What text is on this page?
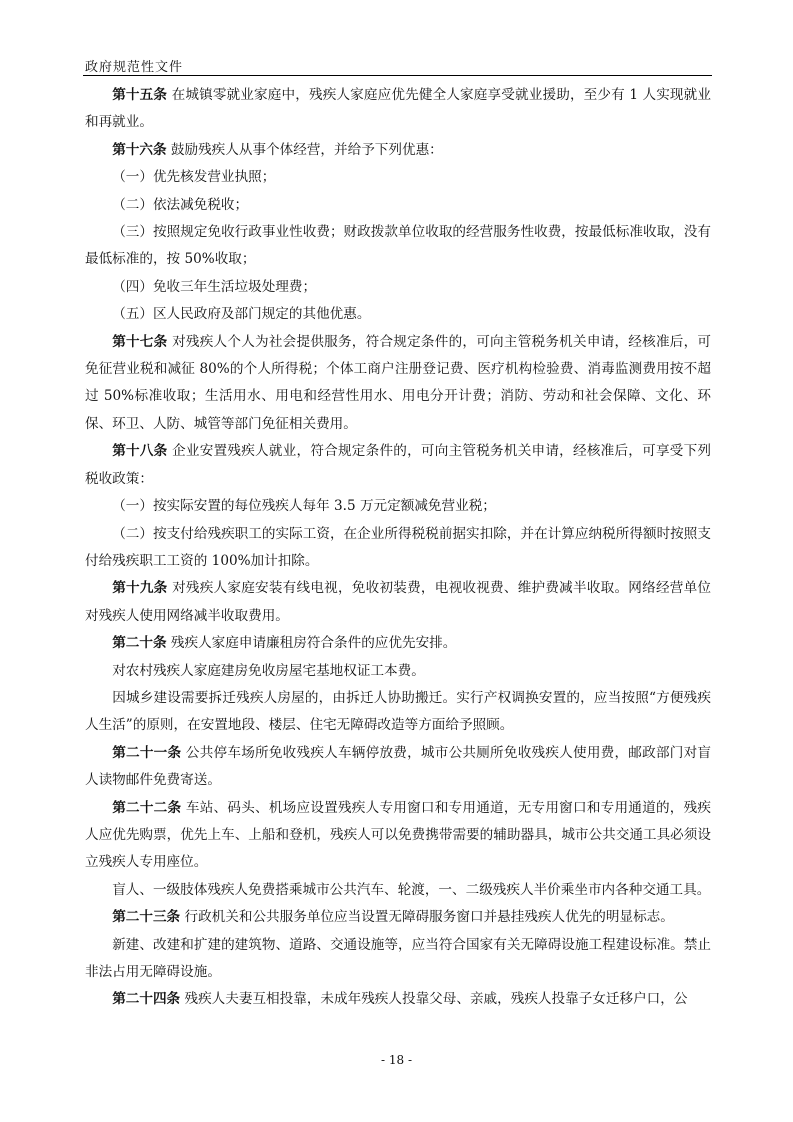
政府规范性文件

第十五条 在城镇零就业家庭中，残疾人家庭应优先健全人家庭享受就业援助，至少有 1 人实现就业和再就业。

第十六条 鼓励残疾人从事个体经营，并给予下列优惠：

（一）优先核发营业执照；

（二）依法减免税收；

（三）按照规定免收行政事业性收费；财政拨款单位收取的经营服务性收费，按最低标准收取，没有最低标准的，按 50%收取；

（四）免收三年生活垃圾处理费；

（五）区人民政府及部门规定的其他优惠。

第十七条 对残疾人个人为社会提供服务，符合规定条件的，可向主管税务机关申请，经核准后，可免征营业税和减征 80%的个人所得税；个体工商户注册登记费、医疗机构检验费、消毒监测费用按不超过 50%标准收取；生活用水、用电和经营性用水、用电分开计费；消防、劳动和社会保障、文化、环保、环卫、人防、城管等部门免征相关费用。

第十八条 企业安置残疾人就业，符合规定条件的，可向主管税务机关申请，经核准后，可享受下列税收政策：

（一）按实际安置的每位残疾人每年 3.5 万元定额减免营业税；

（二）按支付给残疾职工的实际工资，在企业所得税税前据实扣除，并在计算应纳税所得额时按照支付给残疾职工工资的 100%加计扣除。

第十九条 对残疾人家庭安装有线电视，免收初装费，电视收视费、维护费减半收取。网络经营单位对残疾人使用网络减半收取费用。

第二十条 残疾人家庭申请廉租房符合条件的应优先安排。

对农村残疾人家庭建房免收房屋宅基地权证工本费。

因城乡建设需要拆迁残疾人房屋的，由拆迁人协助搬迁。实行产权调换安置的，应当按照“方便残疾人生活”的原则，在安置地段、楼层、住宅无障碍改造等方面给予照顾。

第二十一条 公共停车场所免收残疾人车辆停放费，城市公共厕所免收残疾人使用费，邮政部门对盲人读物邮件免费寄送。

第二十二条 车站、码头、机场应设置残疾人专用窗口和专用通道，无专用窗口和专用通道的，残疾人应优先购票，优先上车、上船和登机，残疾人可以免费携带需要的辅助器具，城市公共交通工具必须设立残疾人专用座位。

盲人、一级肢体残疾人免费搭乘城市公共汽车、轮渡，一、二级残疾人半价乘坐市内各种交通工具。

第二十三条 行政机关和公共服务单位应当设置无障碍服务窗口并悬挂残疾人优先的明显标志。

新建、改建和扩建的建筑物、道路、交通设施等，应当符合国家有关无障碍设施工程建设标准。禁止非法占用无障碍设施。

第二十四条 残疾人夫妻互相投靠，未成年残疾人投靠父母、亲戚，残疾人投靠子女迁移户口，公

- 18 -
